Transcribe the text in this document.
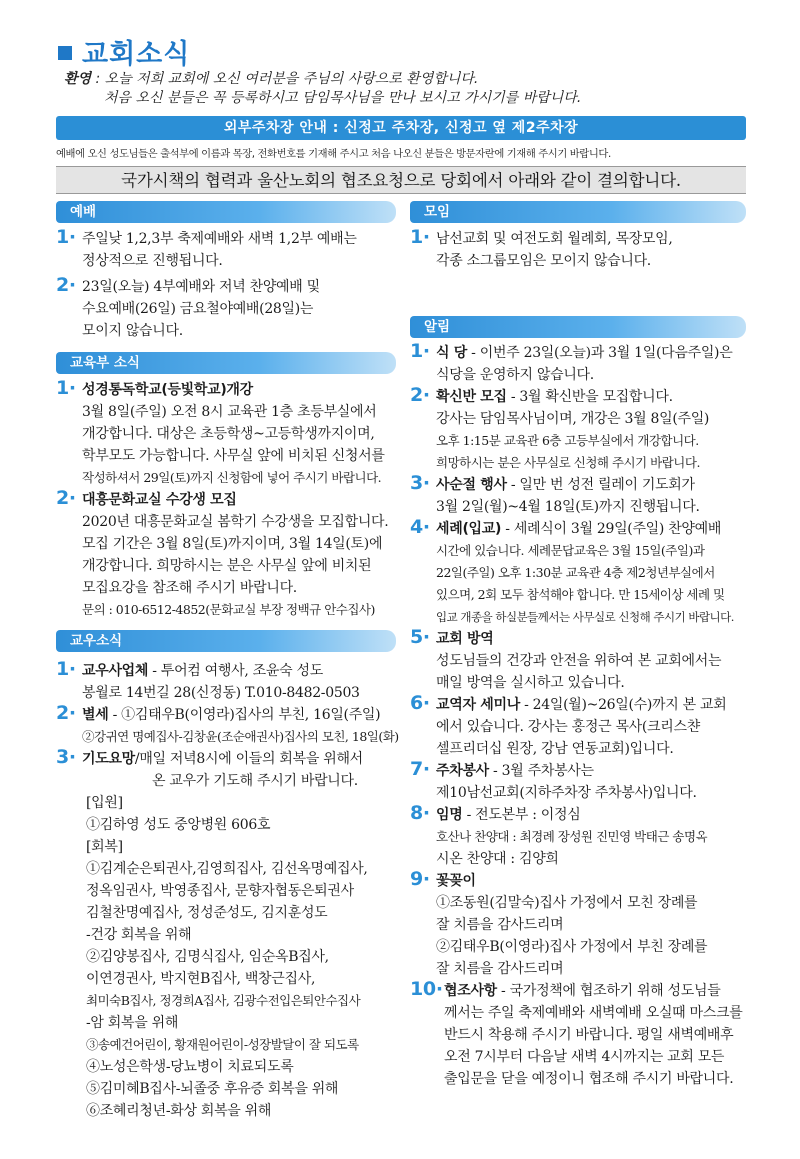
교회소식
환영 : 오늘 저희 교회에 오신 여러분을 주님의 사랑으로 환영합니다.
처음 오신 분들은 꼭 등록하시고 담임목사님을 만나 보시고 가시기를 바랍니다.
외부주차장 안내 : 신정고 주차장, 신정고 옆 제2주차장
예배에 오신 성도님들은 출석부에 이름과 목장, 전화번호를 기재해 주시고 처음 나오신 분들은 방문자란에 기재해 주시기 바랍니다.
국가시책의 협력과 울산노회의 협조요청으로 당회에서 아래와 같이 결의합니다.
예배
1· 주일낮 1,2,3부 축제예배와 새벽 1,2부 예배는
정상적으로 진행됩니다.
2· 23일(오늘) 4부예배와 저녁 찬양예배 및
수요예배(26일) 금요철야예배(28일)는
모이지 않습니다.
교육부 소식
1· 성경통독학교(등빛학교)개강
3월 8일(주일) 오전 8시 교육관 1층 초등부실에서
개강합니다. 대상은 초등학생~고등학생까지이며,
학부모도 가능합니다. 사무실 앞에 비치된 신청서를
작성하셔서 29일(토)까지 신청함에 넣어 주시기 바랍니다.
2· 대흥문화교실 수강생 모집
2020년 대흥문화교실 봄학기 수강생을 모집합니다.
모집 기간은 3월 8일(토)까지이며, 3월 14일(토)에
개강합니다. 희망하시는 분은 사무실 앞에 비치된
모집요강을 참조해 주시기 바랍니다.
문의 : 010-6512-4852(문화교실 부장 정백규 안수집사)
교우소식
1· 교우사업체 - 투어컴 여행사, 조윤숙 성도
봉월로 14번길 28(신정동) T.010-8482-0503
2· 별세 - ①김태우B(이영라)집사의 부친, 16일(주일)
②강귀연 명예집사-김창윤(조순애권사)집사의 모친, 18일(화)
3· 기도요망/매일 저녁8시에 이들의 회복을 위해서
온 교우가 기도해 주시기 바랍니다.
[입원]
①김하영 성도 중앙병원 606호
[회복]
①김계순은퇴권사,김영희집사, 김선옥명예집사,
정옥임권사, 박영종집사, 문향자협동은퇴권사
김철찬명예집사, 정성준성도, 김지훈성도
-건강 회복을 위해
②김양봉집사, 김명식집사, 임순옥B집사,
이연경권사, 박지현B집사, 백창근집사,
최미숙B집사, 정경희A집사, 김광수전입은퇴안수집사
-암 회복을 위해
③송예건어린이, 황재원어린이-성장발달이 잘 되도록
④노성은학생-당뇨병이 치료되도록
⑤김미혜B집사-뇌졸중 후유증 회복을 위해
⑥조혜리청년-화상 회복을 위해
모임
1· 남선교회 및 여전도회 월례회, 목장모임,
각종 소그룹모임은 모이지 않습니다.
알림
1· 식 당 - 이번주 23일(오늘)과 3월 1일(다음주일)은
식당을 운영하지 않습니다.
2· 확신반 모집 - 3월 확신반을 모집합니다.
강사는 담임목사님이며, 개강은 3월 8일(주일)
오후 1:15분 교육관 6층 고등부실에서 개강합니다.
희망하시는 분은 사무실로 신청해 주시기 바랍니다.
3· 사순절 행사 - 일만 번 성전 릴레이 기도회가
3월 2일(월)~4월 18일(토)까지 진행됩니다.
4· 세례(입교) - 세례식이 3월 29일(주일) 찬양예배
시간에 있습니다. 세례문답교육은 3월 15일(주일)과
22일(주일) 오후 1:30분 교육관 4층 제2청년부실에서
있으며, 2회 모두 참석해야 합니다. 만 15세이상 세례 및
입교 개종을 하실분들께서는 사무실로 신청해 주시기 바랍니다.
5· 교회 방역
성도님들의 건강과 안전을 위하여 본 교회에서는
매일 방역을 실시하고 있습니다.
6· 교역자 세미나 - 24일(월)~26일(수)까지 본 교회
에서 있습니다. 강사는 홍정근 목사(크리스챤
셀프리더십 원장, 강남 연동교회)입니다.
7· 주차봉사 - 3월 주차봉사는
제10남선교회(지하주차장 주차봉사)입니다.
8· 임명 - 전도본부 : 이정심
호산나 찬양대 : 최경례 장성원 진민영 박태근 송명옥
시온 찬양대 : 김양희
9· 꽃꽂이
①조동원(김말숙)집사 가정에서 모친 장례를
잘 치름을 감사드리며
②김태우B(이영라)집사 가정에서 부친 장례를
잘 치름을 감사드리며
10· 협조사항 - 국가정책에 협조하기 위해 성도님들
께서는 주일 축제예배와 새벽예배 오실때 마스크를
반드시 착용해 주시기 바랍니다. 평일 새벽예배후
오전 7시부터 다음날 새벽 4시까지는 교회 모든
출입문을 닫을 예정이니 협조해 주시기 바랍니다.
